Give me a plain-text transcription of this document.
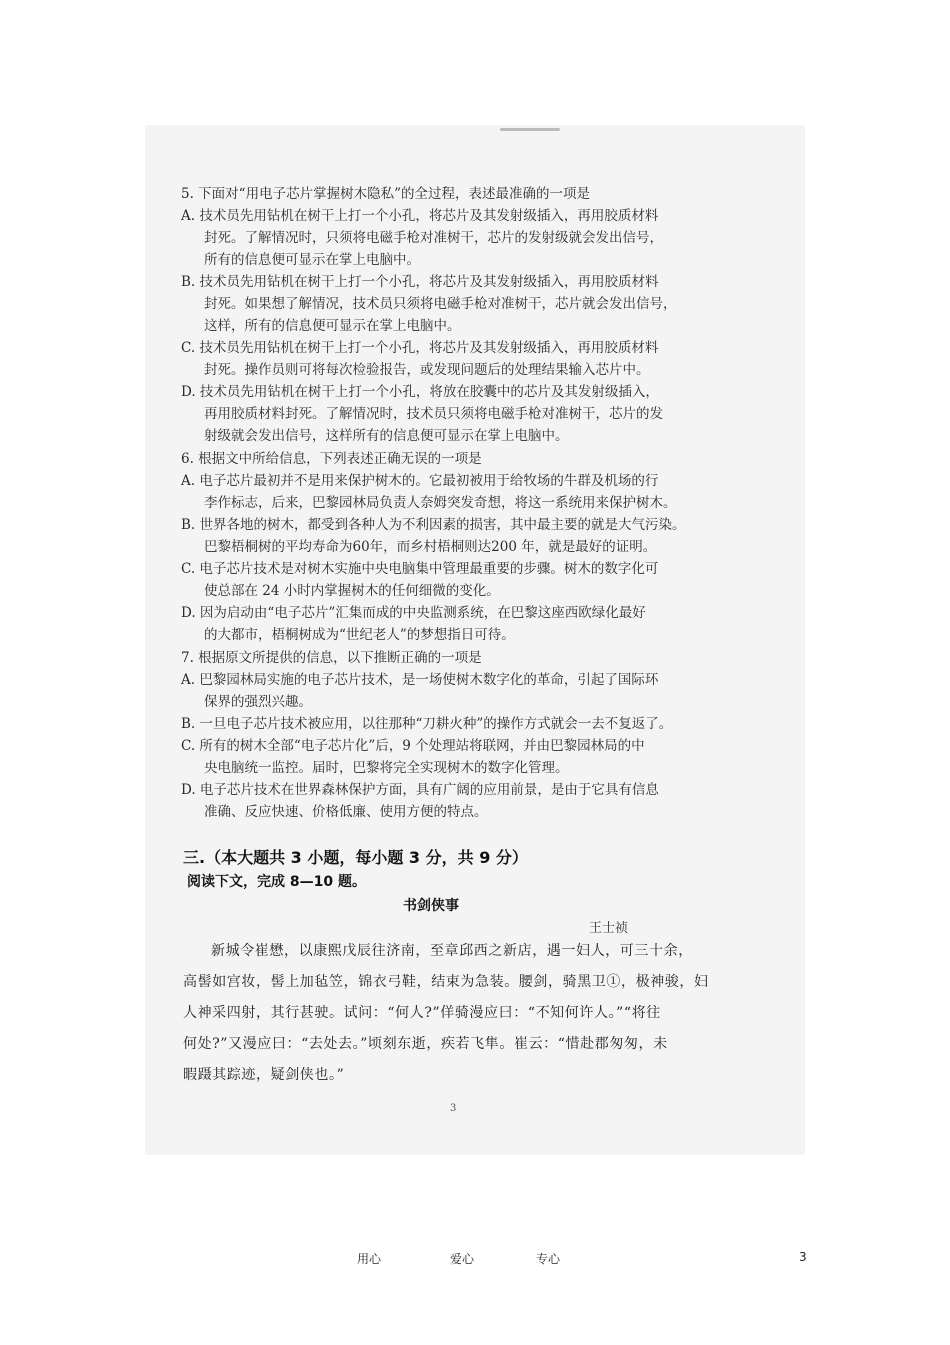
5. 下面对“用电子芯片掌握树木隐私”的全过程，表述最准确的一项是
A. 技术员先用钻机在树干上打一个小孔，将芯片及其发射级插入，再用胶质材料
封死。了解情况时，只须将电磁手枪对准树干，芯片的发射级就会发出信号，
所有的信息便可显示在掌上电脑中。
B. 技术员先用钻机在树干上打一个小孔，将芯片及其发射级插入，再用胶质材料
封死。如果想了解情况，技术员只须将电磁手枪对准树干，芯片就会发出信号，
这样，所有的信息便可显示在掌上电脑中。
C. 技术员先用钻机在树干上打一个小孔，将芯片及其发射级插入，再用胶质材料
封死。操作员则可将每次检验报告，或发现问题后的处理结果输入芯片中。
D. 技术员先用钻机在树干上打一个小孔，将放在胶囊中的芯片及其发射级插入，
再用胶质材料封死。了解情况时，技术员只须将电磁手枪对准树干，芯片的发
射级就会发出信号，这样所有的信息便可显示在掌上电脑中。
6. 根据文中所给信息，下列表述正确无误的一项是
A. 电子芯片最初并不是用来保护树木的。它最初被用于给牧场的牛群及机场的行
李作标志，后来，巴黎园林局负责人奈姆突发奇想，将这一系统用来保护树木。
B. 世界各地的树木，都受到各种人为不利因素的损害，其中最主要的就是大气污染。
巴黎梧桐树的平均寿命为60年，而乡村梧桐则达200 年，就是最好的证明。
C. 电子芯片技术是对树木实施中央电脑集中管理最重要的步骤。树木的数字化可
使总部在 24 小时内掌握树木的任何细微的变化。
D. 因为启动由“电子芯片”汇集而成的中央监测系统，在巴黎这座西欧绿化最好
的大都市，梧桐树成为“世纪老人”的梦想指日可待。
7. 根据原文所提供的信息，以下推断正确的一项是
A. 巴黎园林局实施的电子芯片技术，是一场使树木数字化的革命，引起了国际环
保界的强烈兴趣。
B. 一旦电子芯片技术被应用，以往那种“刀耕火种”的操作方式就会一去不复返了。
C. 所有的树木全部“电子芯片化”后，9 个处理站将联网，并由巴黎园林局的中
央电脑统一监控。届时，巴黎将完全实现树木的数字化管理。
D. 电子芯片技术在世界森林保护方面，具有广阔的应用前景，是由于它具有信息
准确、反应快速、价格低廉、使用方便的特点。
三.（本大题共 3 小题，每小题 3 分，共 9 分）
阅读下文，完成 8—10 题。
书剑侠事
王士祯
新城令崔懋，以康熙戊辰往济南，至章邱西之新店，遇一妇人，可三十余，
高髻如宫妆，髻上加毡笠，锦衣弓鞋，结束为急装。腰剑，骑黑卫①，极神骏，妇
人神采四射，其行甚驶。试问：“何人?”佯骑漫应曰：“不知何许人。”“将往
何处?”又漫应曰：“去处去。”顷刻东逝，疾若飞隼。崔云：“惜赴郡匆匆，未
暇蹑其踪迹，疑剑侠也。”
3
用心	爱心	专心	3
